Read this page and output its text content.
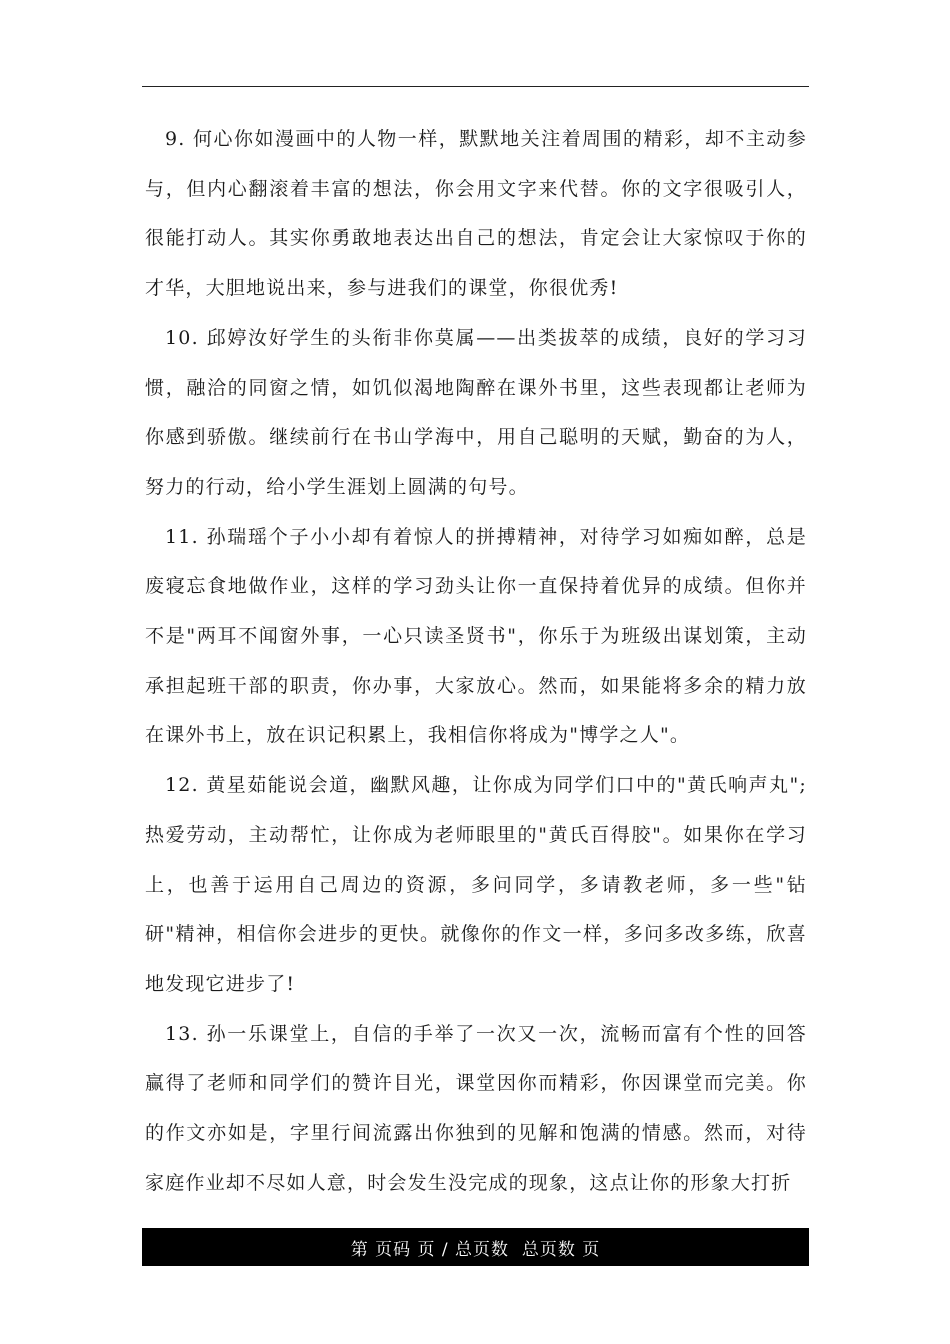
9. 何心你如漫画中的人物一样，默默地关注着周围的精彩，却不主动参与，但内心翻滚着丰富的想法，你会用文字来代替。你的文字很吸引人，很能打动人。其实你勇敢地表达出自己的想法，肯定会让大家惊叹于你的才华，大胆地说出来，参与进我们的课堂，你很优秀!

10. 邱婷汝好学生的头衔非你莫属——出类拔萃的成绩，良好的学习习惯，融洽的同窗之情，如饥似渴地陶醉在课外书里，这些表现都让老师为你感到骄傲。继续前行在书山学海中，用自己聪明的天赋，勤奋的为人，努力的行动，给小学生涯划上圆满的句号。

11. 孙瑞瑶个子小小却有着惊人的拼搏精神，对待学习如痴如醉，总是废寝忘食地做作业，这样的学习劲头让你一直保持着优异的成绩。但你并不是"两耳不闻窗外事，一心只读圣贤书"，你乐于为班级出谋划策，主动承担起班干部的职责，你办事，大家放心。然而，如果能将多余的精力放在课外书上，放在识记积累上，我相信你将成为"博学之人"。

12. 黄星茹能说会道，幽默风趣，让你成为同学们口中的"黄氏响声丸";热爱劳动，主动帮忙，让你成为老师眼里的"黄氏百得胶"。如果你在学习上，也善于运用自己周边的资源，多问同学，多请教老师，多一些"钻研"精神，相信你会进步的更快。就像你的作文一样，多问多改多练，欣喜地发现它进步了!

13. 孙一乐课堂上，自信的手举了一次又一次，流畅而富有个性的回答赢得了老师和同学们的赞许目光，课堂因你而精彩，你因课堂而完美。你的作文亦如是，字里行间流露出你独到的见解和饱满的情感。然而，对待家庭作业却不尽如人意，时会发生没完成的现象，这点让你的形象大打折

第 页码 页 / 总页数  总页数 页
